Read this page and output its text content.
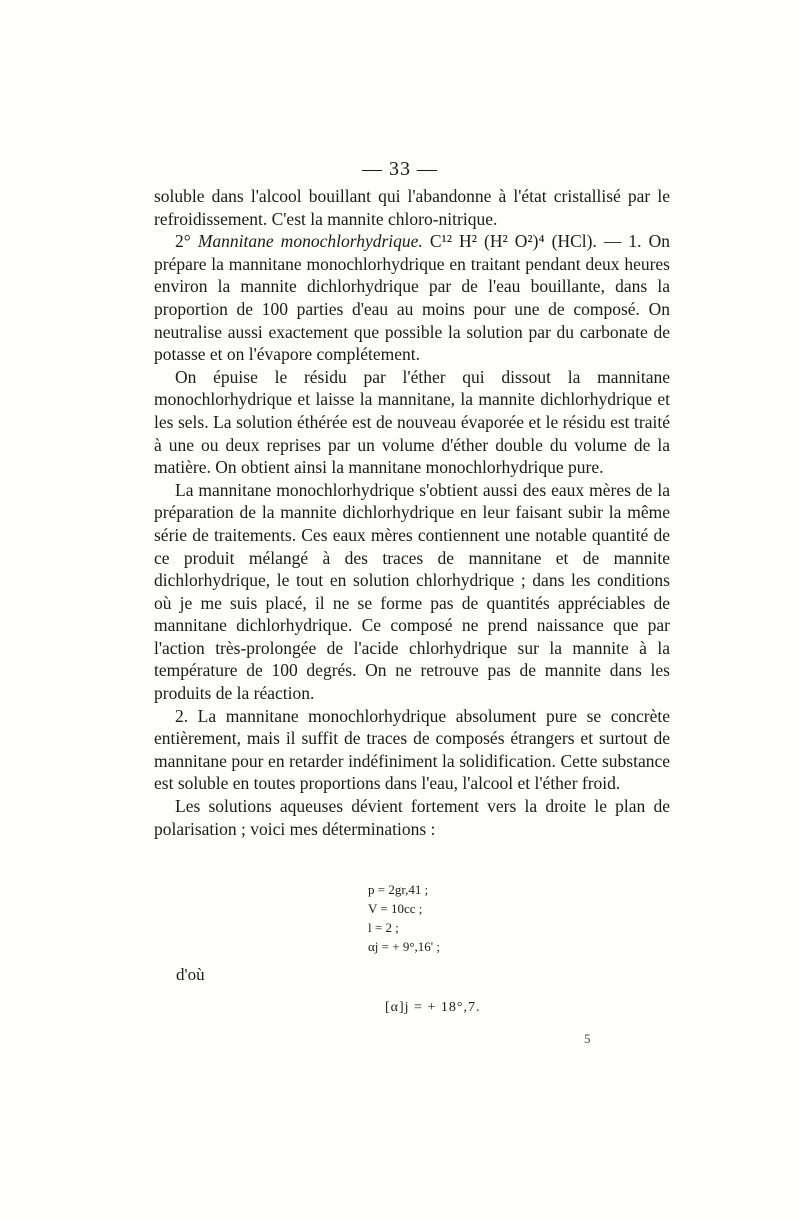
— 33 —

soluble dans l'alcool bouillant qui l'abandonne à l'état cristallisé par le refroidissement. C'est la mannite chloro-nitrique.

2° Mannitane monochlorhydrique. C¹² H² (H² O²)⁴ (HCl). — 1. On prépare la mannitane monochlorhydrique en traitant pendant deux heures environ la mannite dichlorhydrique par de l'eau bouillante, dans la proportion de 100 parties d'eau au moins pour une de composé. On neutralise aussi exactement que possible la solution par du carbonate de potasse et on l'évapore complétement.

On épuise le résidu par l'éther qui dissout la mannitane monochlorhydrique et laisse la mannitane, la mannite dichlorhydrique et les sels. La solution éthérée est de nouveau évaporée et le résidu est traité à une ou deux reprises par un volume d'éther double du volume de la matière. On obtient ainsi la mannitane monochlorhydrique pure.

La mannitane monochlorhydrique s'obtient aussi des eaux mères de la préparation de la mannite dichlorhydrique en leur faisant subir la même série de traitements. Ces eaux mères contiennent une notable quantité de ce produit mélangé à des traces de mannitane et de mannite dichlorhydrique, le tout en solution chlorhydrique ; dans les conditions où je me suis placé, il ne se forme pas de quantités appréciables de mannitane dichlorhydrique. Ce composé ne prend naissance que par l'action très-prolongée de l'acide chlorhydrique sur la mannite à la température de 100 degrés. On ne retrouve pas de mannite dans les produits de la réaction.

2. La mannitane monochlorhydrique absolument pure se concrète entièrement, mais il suffit de traces de composés étrangers et surtout de mannitane pour en retarder indéfiniment la solidification. Cette substance est soluble en toutes proportions dans l'eau, l'alcool et l'éther froid.

Les solutions aqueuses dévient fortement vers la droite le plan de polarisation ; voici mes déterminations :

p = 2gr,41 ;
V = 10cc ;
l = 2 ;
αj = + 9°,16' ;
d'où
[α]j = + 18°,7.
5
